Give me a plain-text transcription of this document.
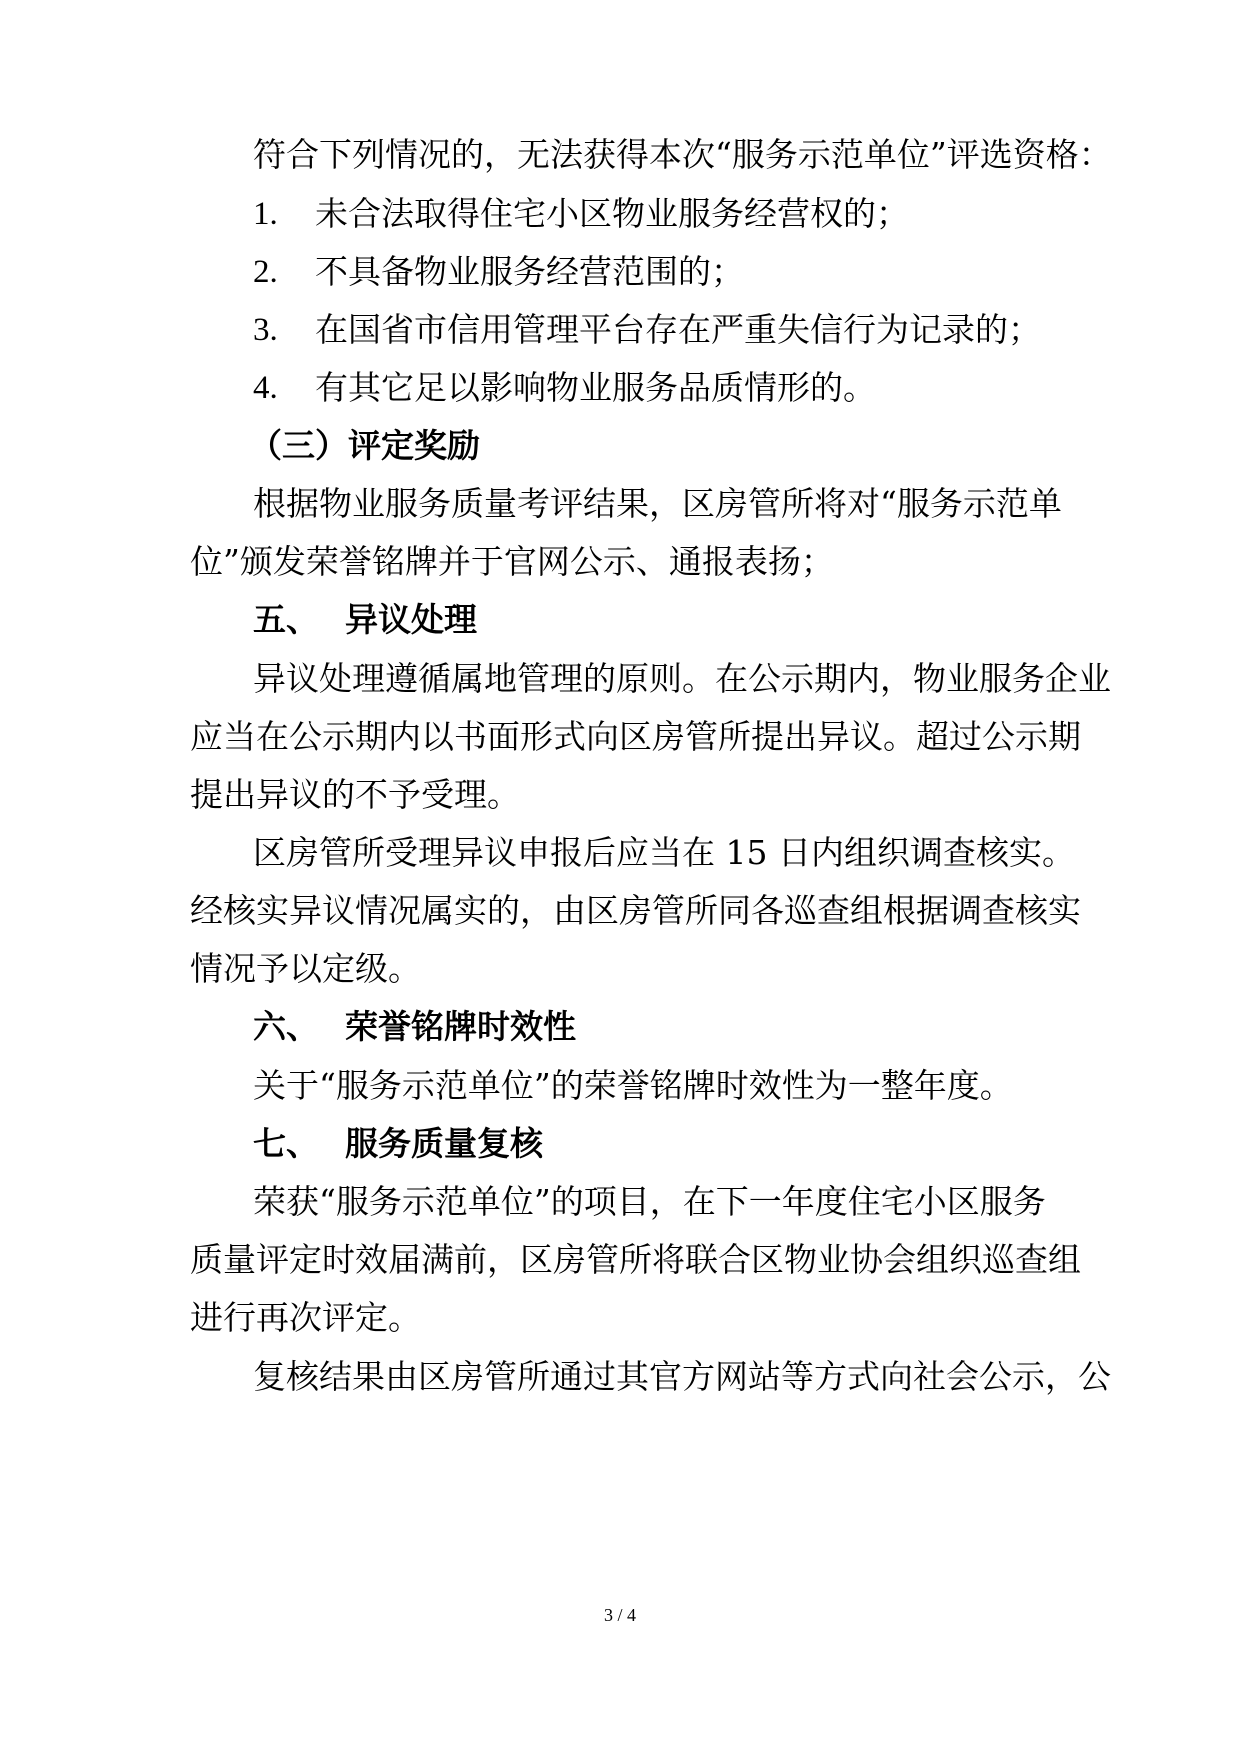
符合下列情况的，无法获得本次“服务示范单位”评选资格：
1. 未合法取得住宅小区物业服务经营权的；
2. 不具备物业服务经营范围的；
3. 在国省市信用管理平台存在严重失信行为记录的；
4. 有其它足以影响物业服务品质情形的。
（三）评定奖励
根据物业服务质量考评结果，区房管所将对“服务示范单
位”颁发荣誉铭牌并于官网公示、通报表扬；
五、 异议处理
异议处理遵循属地管理的原则。在公示期内，物业服务企业
应当在公示期内以书面形式向区房管所提出异议。超过公示期
提出异议的不予受理。
区房管所受理异议申报后应当在 15 日内组织调查核实。
经核实异议情况属实的，由区房管所同各巡查组根据调查核实
情况予以定级。
六、 荣誉铭牌时效性
关于“服务示范单位”的荣誉铭牌时效性为一整年度。
七、 服务质量复核
荣获“服务示范单位”的项目，在下一年度住宅小区服务
质量评定时效届满前，区房管所将联合区物业协会组织巡查组
进行再次评定。
复核结果由区房管所通过其官方网站等方式向社会公示，公
3 / 4
